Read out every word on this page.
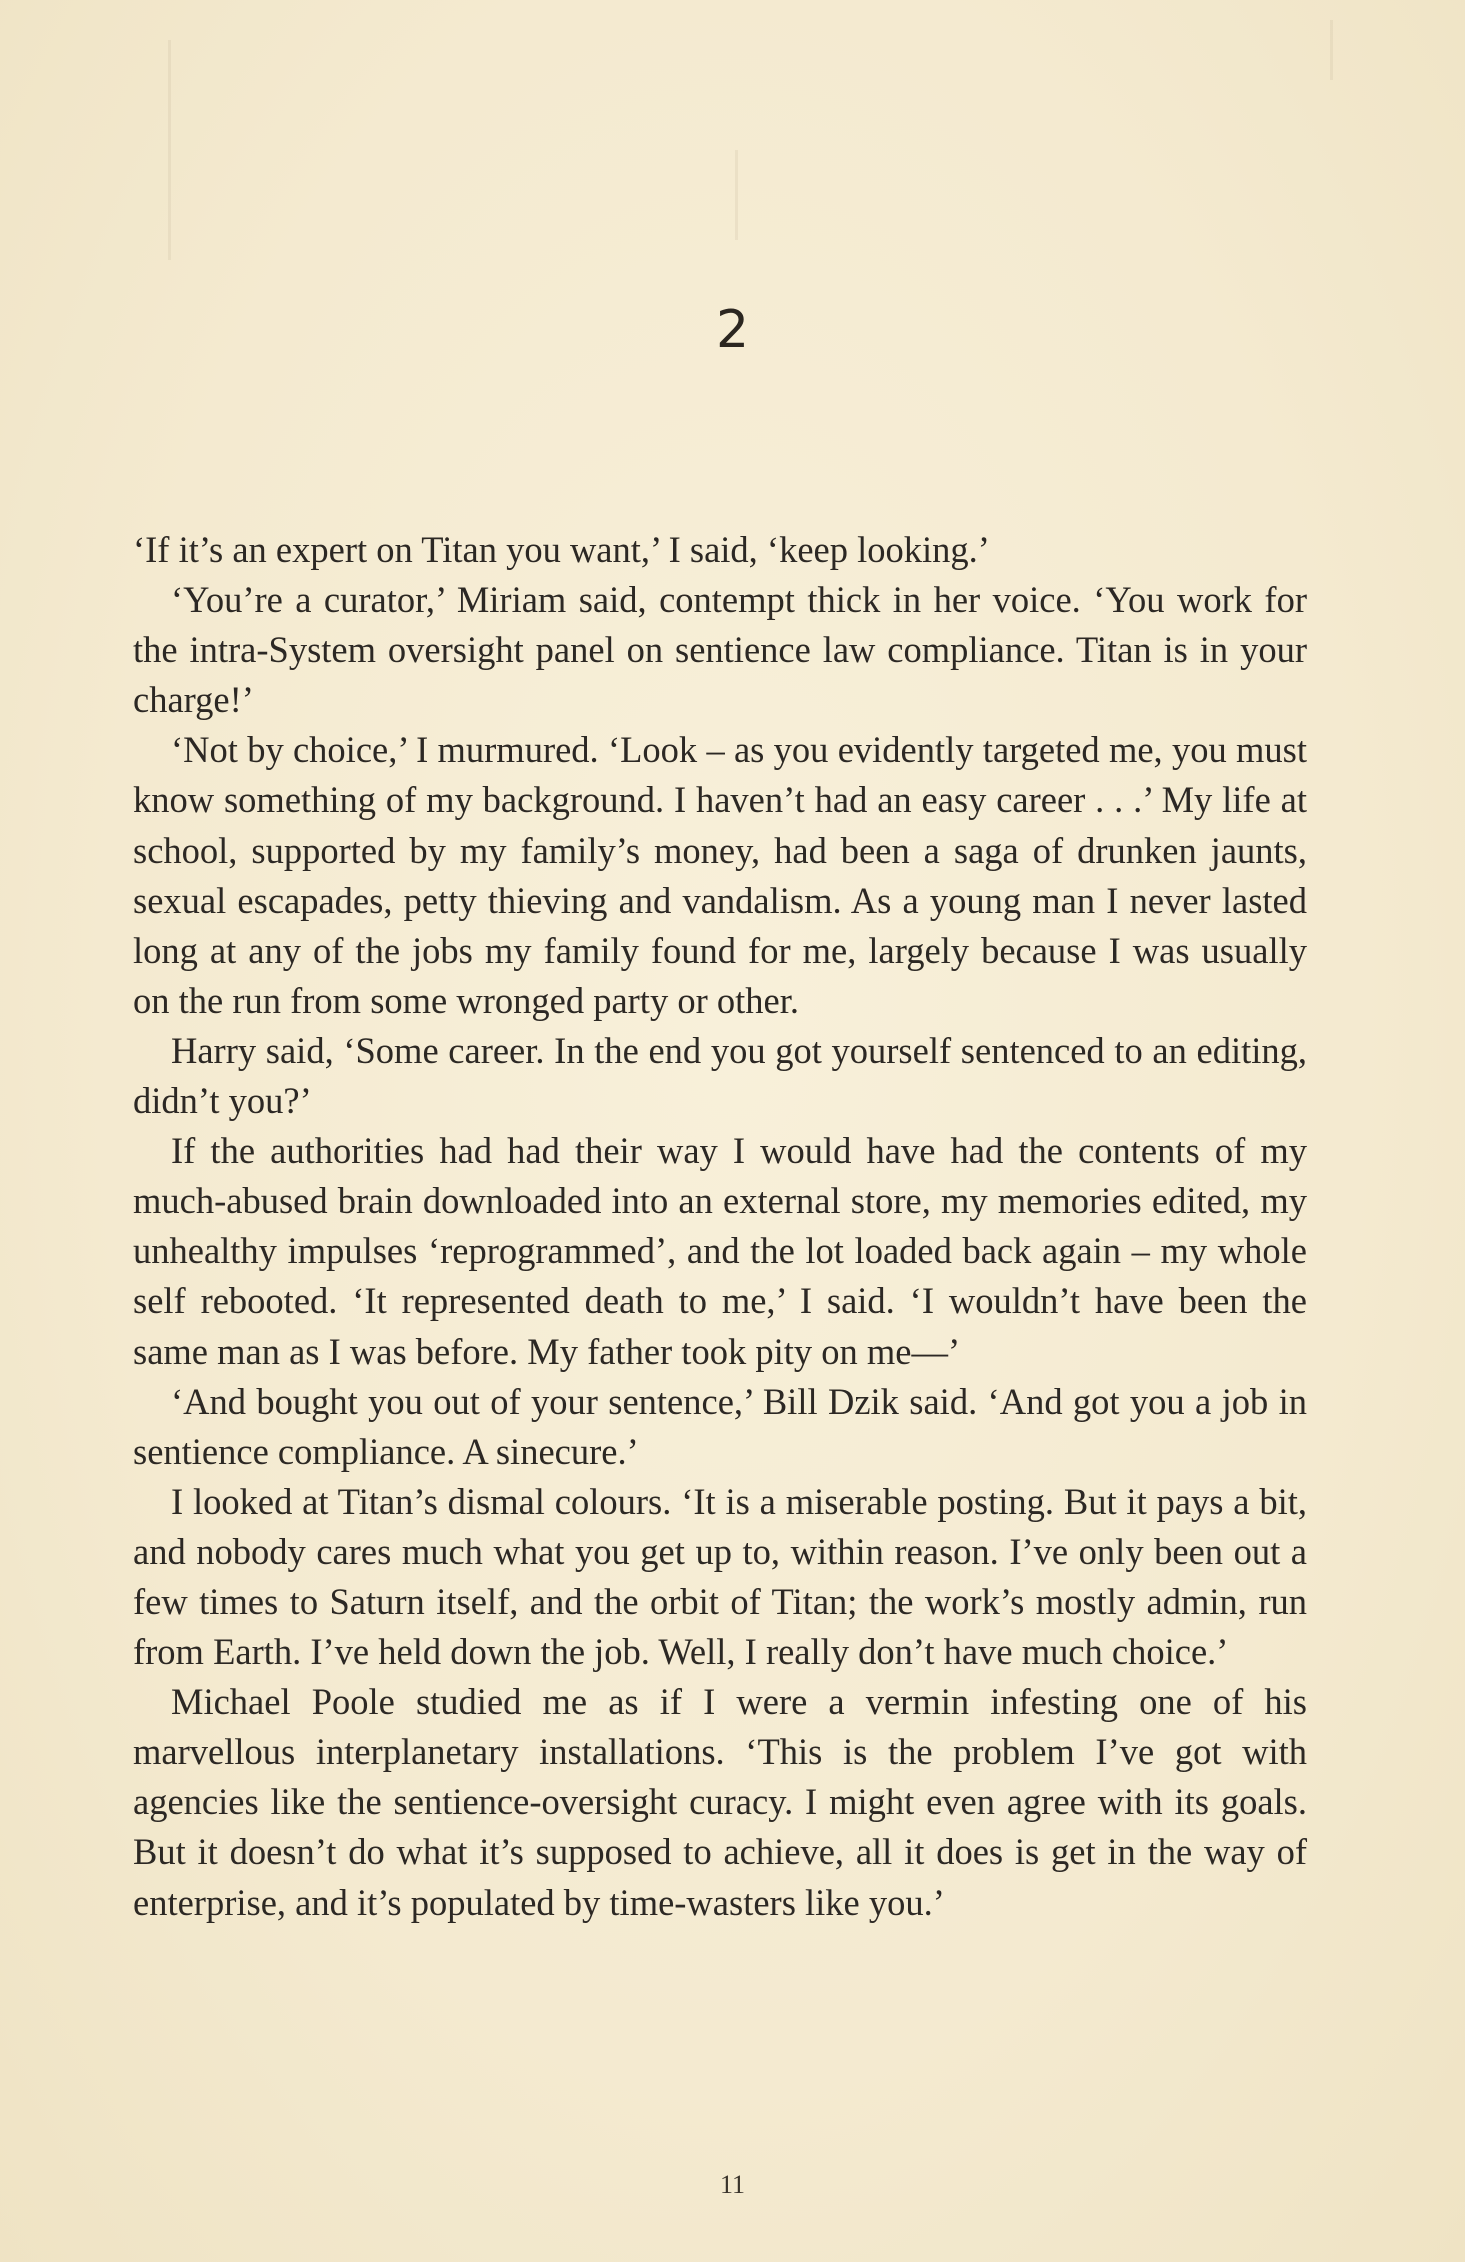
2

‘If it’s an expert on Titan you want,’ I said, ‘keep looking.’

‘You’re a curator,’ Miriam said, contempt thick in her voice. ‘You work for the intra-System oversight panel on sentience law compliance. Titan is in your charge!’

‘Not by choice,’ I murmured. ‘Look – as you evidently targeted me, you must know something of my background. I haven’t had an easy career . . .’ My life at school, supported by my family’s money, had been a saga of drunken jaunts, sexual escapades, petty thieving and vandalism. As a young man I never lasted long at any of the jobs my family found for me, largely because I was usually on the run from some wronged party or other.

Harry said, ‘Some career. In the end you got yourself sentenced to an editing, didn’t you?’

If the authorities had had their way I would have had the contents of my much-abused brain downloaded into an external store, my memories edited, my unhealthy impulses ‘reprogrammed’, and the lot loaded back again – my whole self rebooted. ‘It represented death to me,’ I said. ‘I wouldn’t have been the same man as I was before. My father took pity on me—’

‘And bought you out of your sentence,’ Bill Dzik said. ‘And got you a job in sentience compliance. A sinecure.’

I looked at Titan’s dismal colours. ‘It is a miserable posting. But it pays a bit, and nobody cares much what you get up to, within reason. I’ve only been out a few times to Saturn itself, and the orbit of Titan; the work’s mostly admin, run from Earth. I’ve held down the job. Well, I really don’t have much choice.’

Michael Poole studied me as if I were a vermin infesting one of his marvellous interplanetary installations. ‘This is the problem I’ve got with agencies like the sentience-oversight curacy. I might even agree with its goals. But it doesn’t do what it’s supposed to achieve, all it does is get in the way of enterprise, and it’s populated by time-wasters like you.’

11
